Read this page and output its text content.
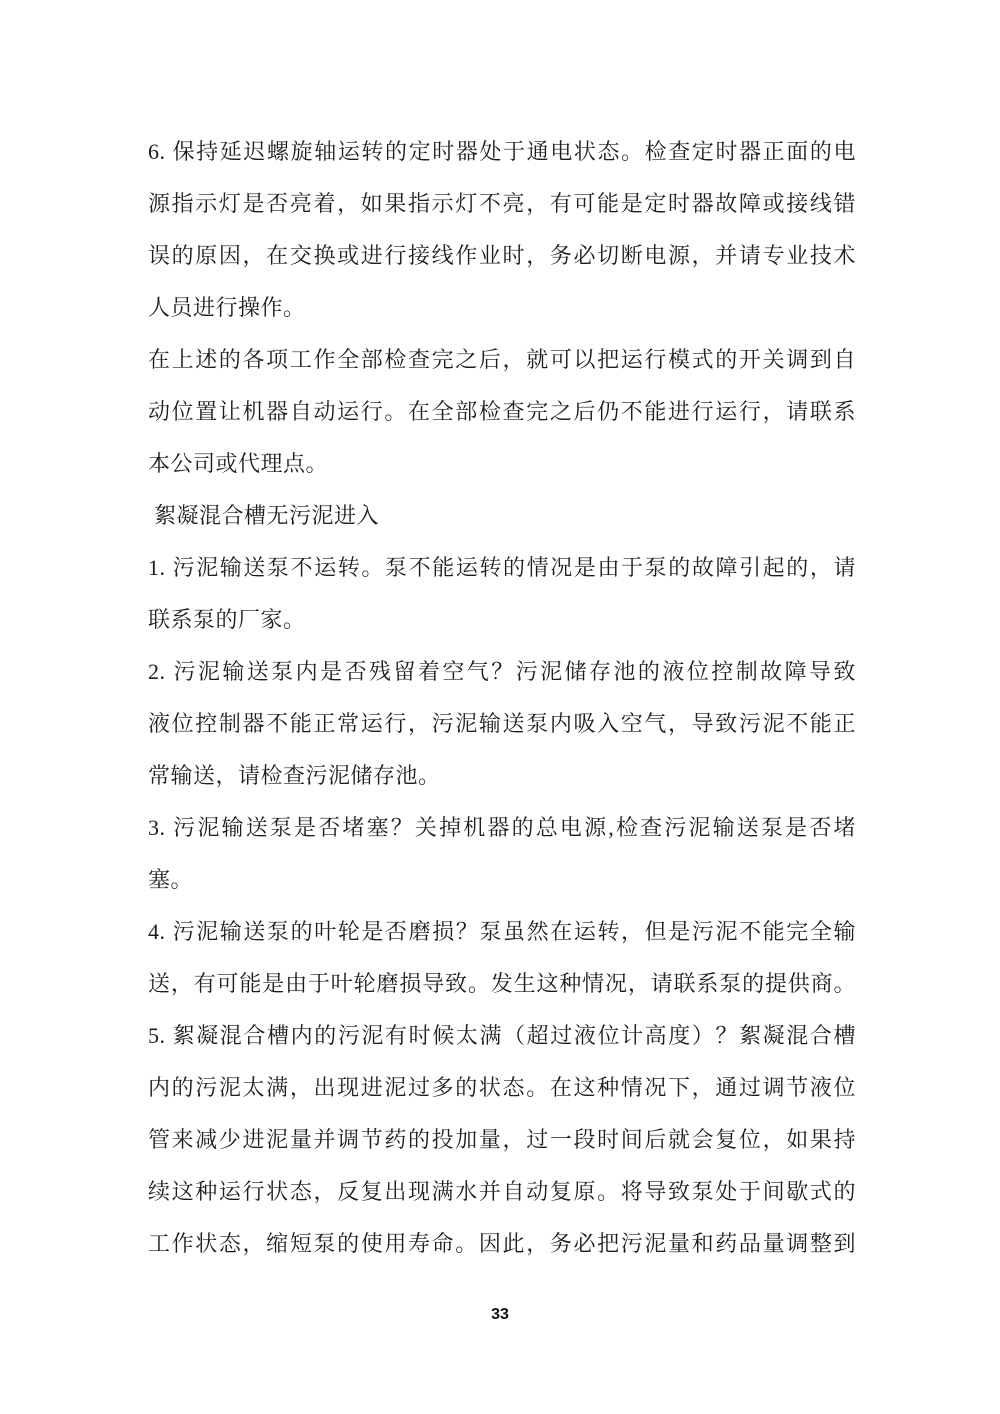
6. 保持延迟螺旋轴运转的定时器处于通电状态。检查定时器正面的电
源指示灯是否亮着，如果指示灯不亮，有可能是定时器故障或接线错
误的原因，在交换或进行接线作业时，务必切断电源，并请专业技术
人员进行操作。
在上述的各项工作全部检查完之后，就可以把运行模式的开关调到自
动位置让机器自动运行。在全部检查完之后仍不能进行运行，请联系
本公司或代理点。
絮凝混合槽无污泥进入
1. 污泥输送泵不运转。泵不能运转的情况是由于泵的故障引起的，请
联系泵的厂家。
2. 污泥输送泵内是否残留着空气？污泥储存池的液位控制故障导致
液位控制器不能正常运行，污泥输送泵内吸入空气，导致污泥不能正
常输送，请检查污泥储存池。
3. 污泥输送泵是否堵塞？关掉机器的总电源,检查污泥输送泵是否堵
塞。
4. 污泥输送泵的叶轮是否磨损？泵虽然在运转，但是污泥不能完全输
送，有可能是由于叶轮磨损导致。发生这种情况，请联系泵的提供商。
5. 絮凝混合槽内的污泥有时候太满（超过液位计高度）？絮凝混合槽
内的污泥太满，出现进泥过多的状态。在这种情况下，通过调节液位
管来减少进泥量并调节药的投加量，过一段时间后就会复位，如果持
续这种运行状态，反复出现满水并自动复原。将导致泵处于间歇式的
工作状态，缩短泵的使用寿命。因此，务必把污泥量和药品量调整到
33
